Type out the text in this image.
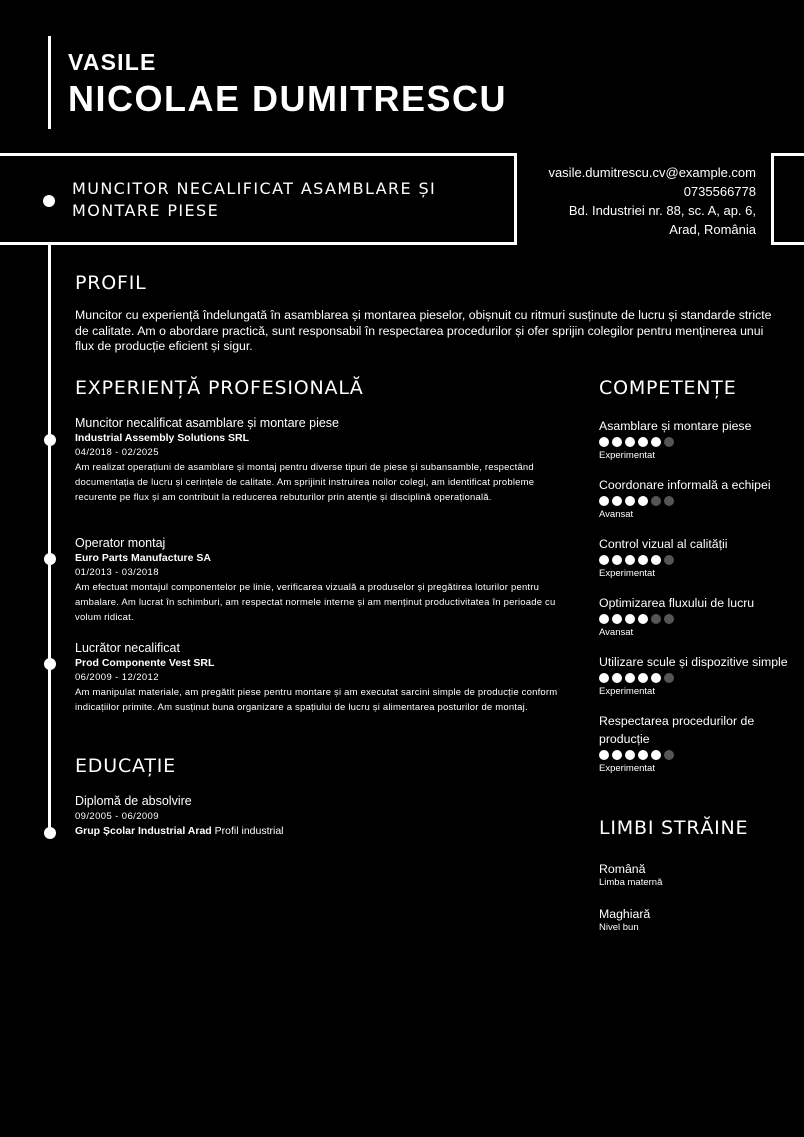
VASILE
NICOLAE DUMITRESCU
MUNCITOR NECALIFICAT ASAMBLARE ȘI MONTARE PIESE
vasile.dumitrescu.cv@example.com
0735566778
Bd. Industriei nr. 88, sc. A, ap. 6,
Arad, România
PROFIL
Muncitor cu experiență îndelungată în asamblarea și montarea pieselor, obișnuit cu ritmuri susținute de lucru și standarde stricte de calitate. Am o abordare practică, sunt responsabil în respectarea procedurilor și ofer sprijin colegilor pentru menținerea unui flux de producție eficient și sigur.
EXPERIENȚĂ PROFESIONALĂ
Muncitor necalificat asamblare și montare piese
Industrial Assembly Solutions SRL
04/2018 - 02/2025
Am realizat operațiuni de asamblare și montaj pentru diverse tipuri de piese și subansamble, respectând documentația de lucru și cerințele de calitate. Am sprijinit instruirea noilor colegi, am identificat probleme recurente pe flux și am contribuit la reducerea rebuturilor prin atenție și disciplină operațională.
Operator montaj
Euro Parts Manufacture SA
01/2013 - 03/2018
Am efectuat montajul componentelor pe linie, verificarea vizuală a produselor și pregătirea loturilor pentru ambalare. Am lucrat în schimburi, am respectat normele interne și am menținut productivitatea în perioade cu volum ridicat.
Lucrător necalificat
Prod Componente Vest SRL
06/2009 - 12/2012
Am manipulat materiale, am pregătit piese pentru montare și am executat sarcini simple de producție conform indicațiilor primite. Am susținut buna organizare a spațiului de lucru și alimentarea posturilor de montaj.
EDUCAȚIE
Diplomă de absolvire
09/2005 - 06/2009
Grup Școlar Industrial Arad Profil industrial
COMPETENȚE
Asamblare și montare piese
Experimentat
Coordonare informală a echipei
Avansat
Control vizual al calității
Experimentat
Optimizarea fluxului de lucru
Avansat
Utilizare scule și dispozitive simple
Experimentat
Respectarea procedurilor de producție
Experimentat
LIMBI STRĂINE
Română
Limba maternă
Maghiară
Nivel bun
